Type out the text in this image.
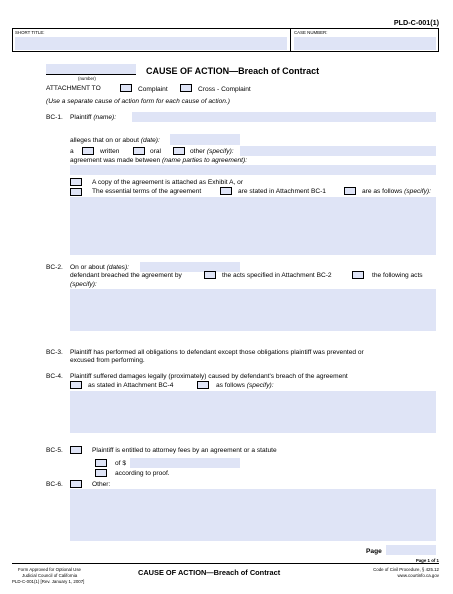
PLD-C-001(1)
SHORT TITLE:	CASE NUMBER:
(number)
CAUSE OF ACTION—Breach of Contract
ATTACHMENT TO	Complaint	Cross - Complaint
(Use a separate cause of action form for each cause of action.)
BC-1. Plaintiff (name):
alleges that on or about (date):
a	written	oral	other (specify):
agreement was made between (name parties to agreement):
A copy of the agreement is attached as Exhibit A, or
The essential terms of the agreement	are stated in Attachment BC-1	are as follows (specify):
BC-2. On or about (dates):
defendant breached the agreement by	the acts specified in Attachment BC-2	the following acts
(specify):
BC-3. Plaintiff has performed all obligations to defendant except those obligations plaintiff was prevented or
excused from performing.
BC-4. Plaintiff suffered damages legally (proximately) caused by defendant's breach of the agreement
as stated in Attachment BC-4	as follows (specify):
BC-5.	Plaintiff is entitled to attorney fees by an agreement or a statute
of $
according to proof.
BC-6.	Other:
Page
Page 1 of 1
Form Approved for Optional Use
Judicial Council of California
PLD-C-001(1) [Rev. January 1, 2007]
CAUSE OF ACTION—Breach of Contract	Code of Civil Procedure, § 425.12
www.courtinfo.ca.gov
